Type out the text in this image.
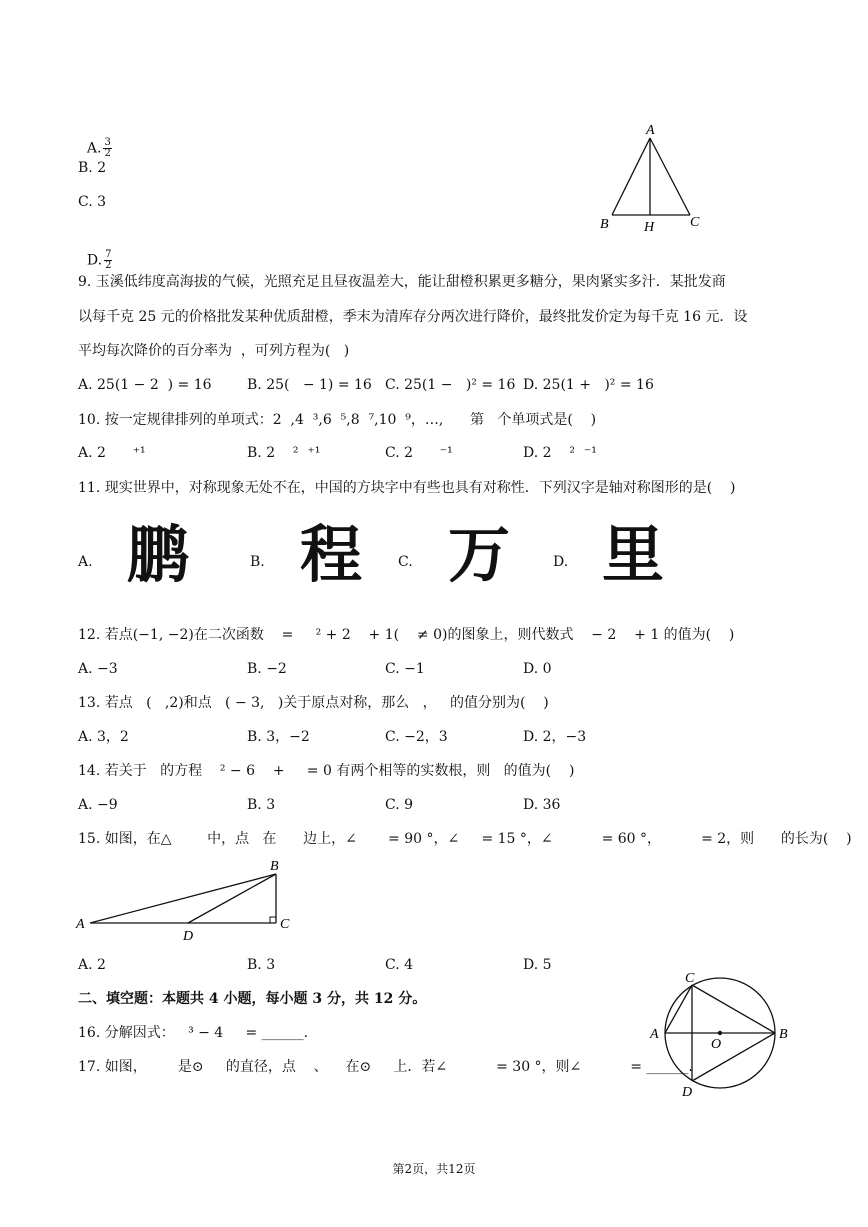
A. $\frac{3}{2}$

B. 2
C. 3

D. $\frac{7}{2}$

A
B	H	C
9. 玉溪低纬度高海拔的气候，光照充足且昼夜温差大，能让甜橙积累更多糖分，果肉紧实多汁．某批发商
以每千克 25 元的价格批发某种优质甜橙，季末为清库存分两次进行降价，最终批发价定为每千克 16 元．设
平均每次降价的百分率为  ，可列方程为(   )
A. 25(1 − 2  ) = 16	B. 25(   − 1) = 16 C. 25(1 −   )² = 16 D. 25(1 +   )² = 16
10. 按一定规律排列的单项式：2  ,4  ³,6  ⁵,8  ⁷,10  ⁹，…,      第   个单项式是(    )
A. 2      ⁺¹	B. 2    ²  ⁺¹	C. 2      ⁻¹	D. 2    ²  ⁻¹
11. 现实世界中，对称现象无处不在，中国的方块字中有些也具有对称性．下列汉字是轴对称图形的是(    )
A. 鹏	B. 程	C. 万	D. 里
12. 若点(−1, −2)在二次函数    =     ² + 2    + 1(    ≠ 0)的图象上，则代数式    − 2    + 1 的值为(    )
A. −3	B. −2	C. −1	D. 0
13. 若点   (   ,2)和点   ( − 3,   )关于原点对称，那么   ，   的值分别为(    )
A. 3，2	B. 3，−2	C. −2，3	D. 2，−3
14. 若关于   的方程    ² − 6    +     = 0 有两个相等的实数根，则   的值为(    )
A. −9	B. 3	C. 9	D. 36
15. 如图，在△        中，点   在      边上，∠       = 90 °，∠     = 15 °，∠           = 60 °，         = 2，则      的长为(    )
A
B
C
D
A. 2	B. 3	C. 4	D. 5
二、填空题：本题共 4 小题，每小题 3 分，共 12 分。
16. 分解因式：   ³ − 4     = ______.
17. 如图，       是⊙     的直径，点    、    在⊙     上．若∠           = 30 °，则∠           = ______.
C
A	B
O
D
第2页，共12页
